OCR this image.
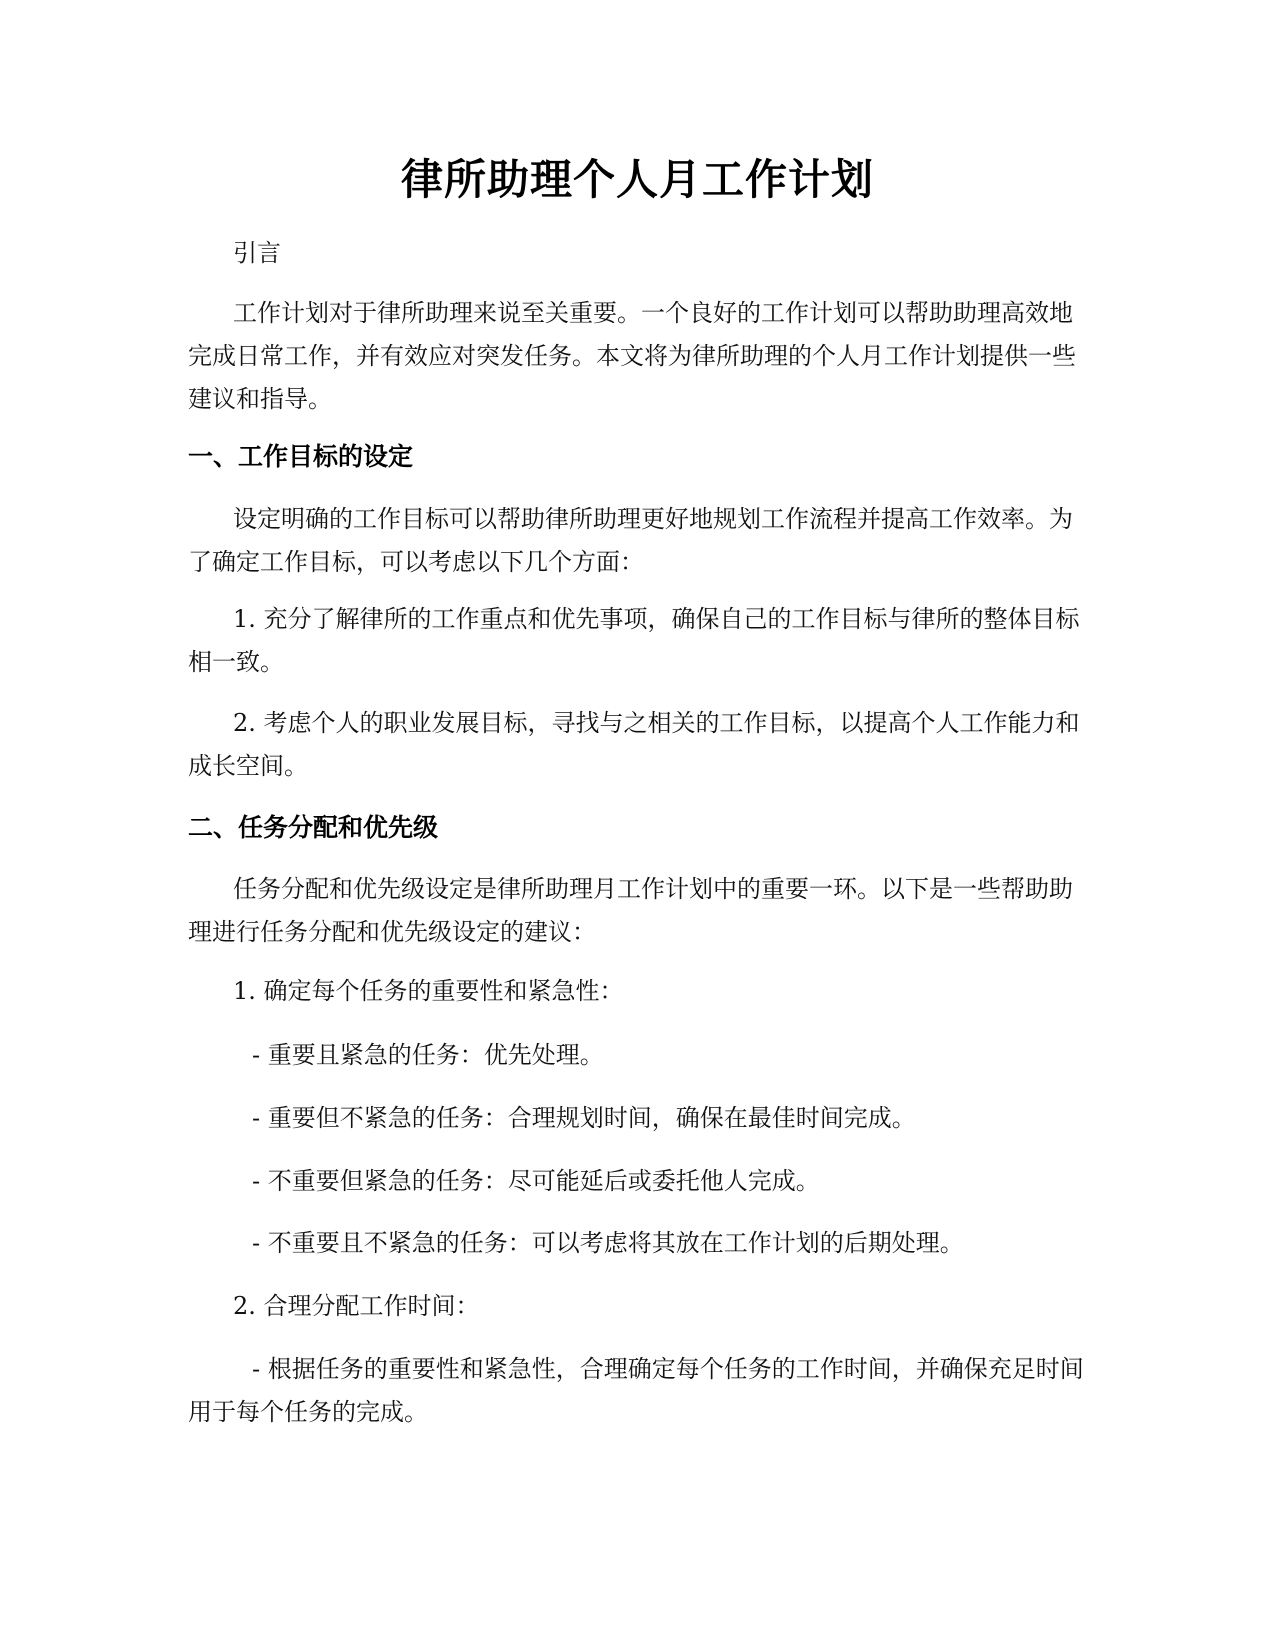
律所助理个人月工作计划

引言

工作计划对于律所助理来说至关重要。一个良好的工作计划可以帮助助理高效地完成日常工作，并有效应对突发任务。本文将为律所助理的个人月工作计划提供一些建议和指导。

一、工作目标的设定

设定明确的工作目标可以帮助律所助理更好地规划工作流程并提高工作效率。为了确定工作目标，可以考虑以下几个方面：

1. 充分了解律所的工作重点和优先事项，确保自己的工作目标与律所的整体目标相一致。

2. 考虑个人的职业发展目标，寻找与之相关的工作目标，以提高个人工作能力和成长空间。

二、任务分配和优先级

任务分配和优先级设定是律所助理月工作计划中的重要一环。以下是一些帮助助理进行任务分配和优先级设定的建议：

1. 确定每个任务的重要性和紧急性：

- 重要且紧急的任务：优先处理。

- 重要但不紧急的任务：合理规划时间，确保在最佳时间完成。

- 不重要但紧急的任务：尽可能延后或委托他人完成。

- 不重要且不紧急的任务：可以考虑将其放在工作计划的后期处理。

2. 合理分配工作时间：

- 根据任务的重要性和紧急性，合理确定每个任务的工作时间，并确保充足时间用于每个任务的完成。
